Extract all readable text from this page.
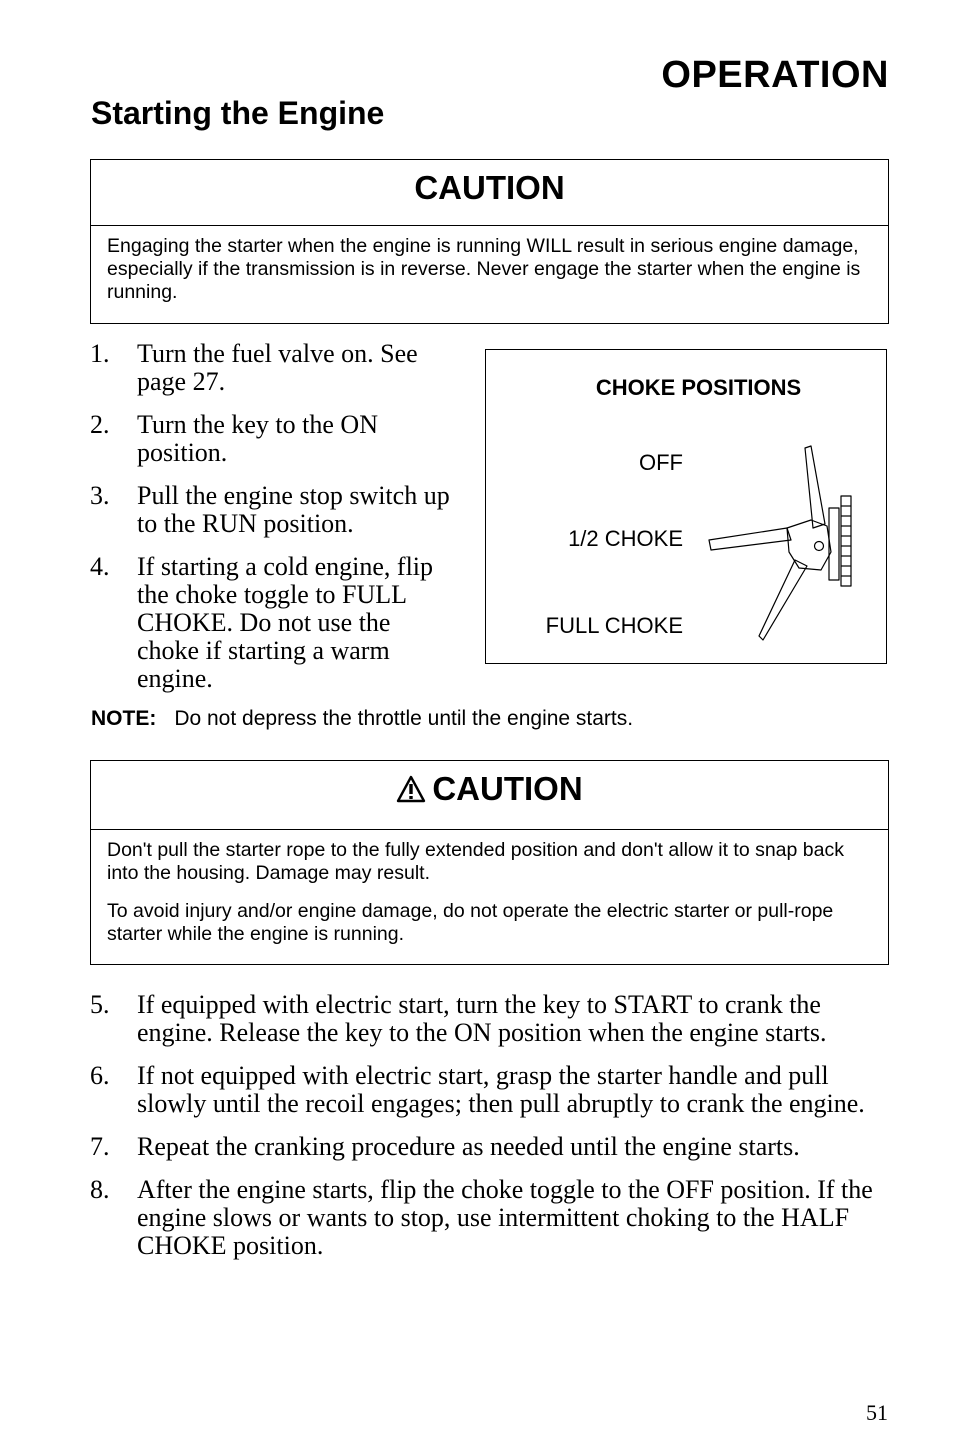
OPERATION
Starting the Engine
CAUTION

Engaging the starter when the engine is running WILL result in serious engine damage, especially if the transmission is in reverse. Never engage the starter when the engine is running.

1. Turn the fuel valve on. See page 27.
2. Turn the key to the ON position.
3. Pull the engine stop switch up to the RUN position.
4. If starting a cold engine, flip the choke toggle to FULL CHOKE. Do not use the choke if starting a warm engine.
CHOKE POSITIONS
OFF
1/2 CHOKE
FULL CHOKE
NOTE: Do not depress the throttle until the engine starts.
CAUTION

Don't pull the starter rope to the fully extended position and don't allow it to snap back into the housing. Damage may result.

To avoid injury and/or engine damage, do not operate the electric starter or pull-rope starter while the engine is running.

5. If equipped with electric start, turn the key to START to crank the engine. Release the key to the ON position when the engine starts.
6. If not equipped with electric start, grasp the starter handle and pull slowly until the recoil engages; then pull abruptly to crank the engine.
7. Repeat the cranking procedure as needed until the engine starts.
8. After the engine starts, flip the choke toggle to the OFF position. If the engine slows or wants to stop, use intermittent choking to the HALF CHOKE position.
51
